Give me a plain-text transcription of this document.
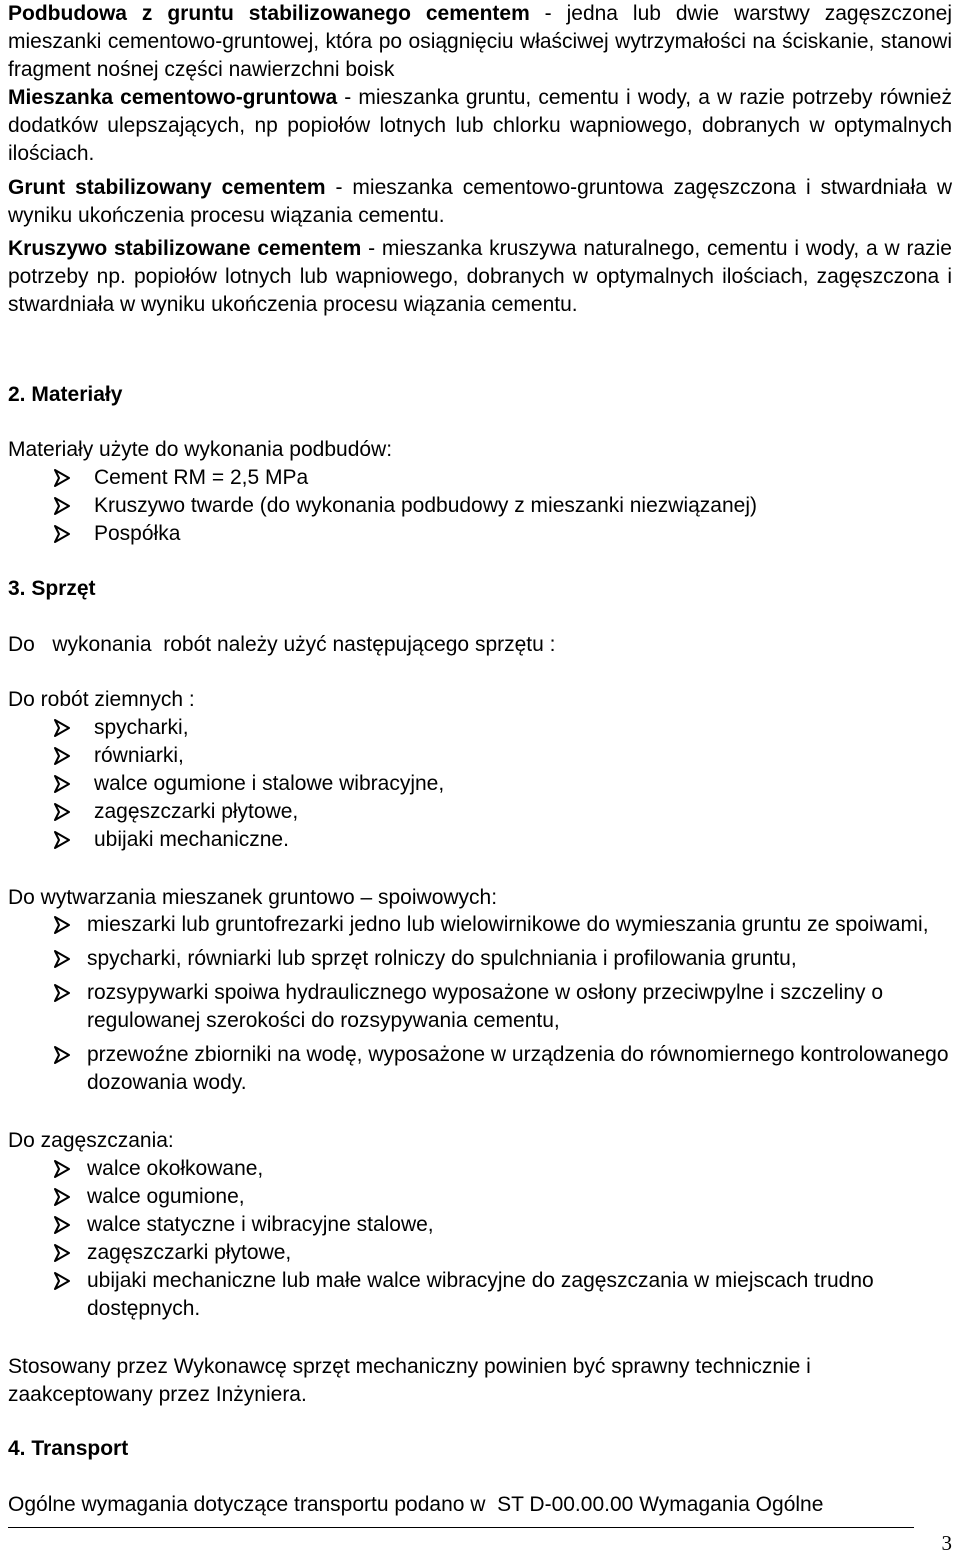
Podbudowa z gruntu stabilizowanego cementem - jedna lub dwie warstwy zagęszczonej mieszanki cementowo-gruntowej, która po osiągnięciu właściwej wytrzymałości na ściskanie, stanowi fragment nośnej części nawierzchni boisk
Mieszanka cementowo-gruntowa - mieszanka gruntu, cementu i wody, a w razie potrzeby również dodatków ulepszających, np popiołów lotnych lub chlorku wapniowego, dobranych w optymalnych ilościach.
Grunt stabilizowany cementem - mieszanka cementowo-gruntowa zagęszczona i stwardniała w wyniku ukończenia procesu wiązania cementu.
Kruszywo stabilizowane cementem - mieszanka kruszywa naturalnego, cementu i wody, a w razie potrzeby np. popiołów lotnych lub wapniowego, dobranych w optymalnych ilościach, zagęszczona i stwardniała w wyniku ukończenia procesu wiązania cementu.
2. Materiały
Materiały użyte do wykonania podbudów:
Cement RM = 2,5 MPa
Kruszywo twarde (do wykonania podbudowy z mieszanki niezwiązanej)
Pospółka
3. Sprzęt
Do   wykonania  robót należy użyć następującego sprzętu :
Do robót ziemnych :
spycharki,
równiarki,
walce ogumione i stalowe wibracyjne,
zagęszczarki płytowe,
ubijaki mechaniczne.
Do wytwarzania mieszanek gruntowo – spoiwowych:
mieszarki lub gruntofrezarki jedno lub wielowirnikowe do wymieszania gruntu ze spoiwami,
spycharki, równiarki lub sprzęt rolniczy do spulchniania i profilowania gruntu,
rozsypywarki spoiwa hydraulicznego wyposażone w osłony przeciwpylne i szczeliny o regulowanej szerokości do rozsypywania cementu,
przewoźne zbiorniki na wodę, wyposażone w urządzenia do równomiernego kontrolowanego dozowania wody.
Do zagęszczania:
walce okołkowane,
walce ogumione,
walce statyczne i wibracyjne stalowe,
zagęszczarki płytowe,
ubijaki mechaniczne lub małe walce wibracyjne do zagęszczania w miejscach trudno dostępnych.
Stosowany przez Wykonawcę sprzęt mechaniczny powinien być sprawny technicznie i zaakceptowany przez Inżyniera.
4. Transport
Ogólne wymagania dotyczące transportu podano w  ST D-00.00.00 Wymagania Ogólne
3
